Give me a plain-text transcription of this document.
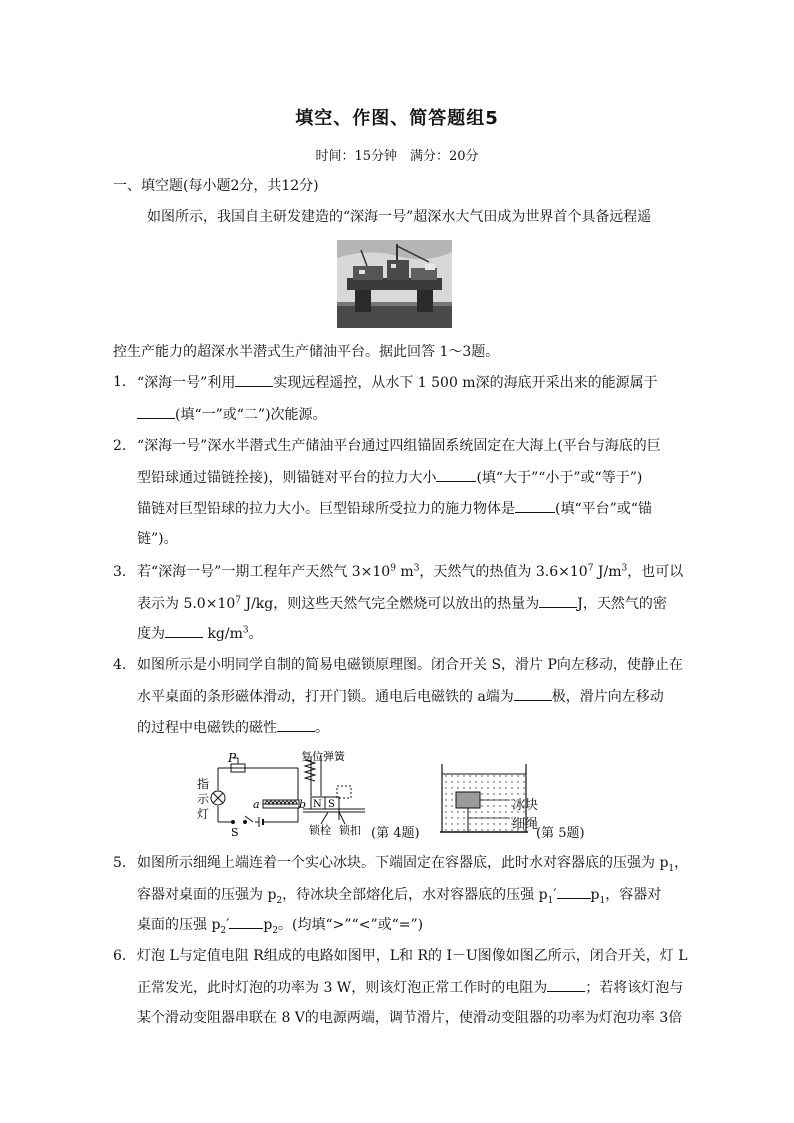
填空、作图、简答题组5
时间：15分钟　满分：20分
一、填空题(每小题2分，共12分)
如图所示，我国自主研发建造的“深海一号”超深水大气田成为世界首个具备远程遥
控生产能力的超深水半潜式生产储油平台。据此回答 1～3题。
1． “深海一号”利用	实现远程遥控，从水下 1 500 m深的海底开采出来的能源属于
(填“一”或“二”)次能源。
2． “深海一号”深水半潜式生产储油平台通过四组锚固系统固定在大海上(平台与海底的巨
型铅球通过锚链拴接)，则锚链对平台的拉力大小	(填“大于”“小于”或“等于”)
锚链对巨型铅球的拉力大小。巨型铅球所受拉力的施力物体是	(填“平台”或“锚
链”)。
3． 若“深海一号”一期工程年产天然气 $3\times 10^9$ $m^3$，天然气的热值为 $3.6\times 10^7$ $J/m^3$，也可以
表示为 $5.0\times 10^7$ J/kg，则这些天然气完全燃烧可以放出的热量为	J，天然气的密
度为	$kg/m^3$。
4． 如图所示是小明同学自制的简易电磁锁原理图。闭合开关 S，滑片 P向左移动，使静止在
水平桌面的条形磁体滑动，打开门锁。通电后电磁铁的 a端为	极，滑片向左移动
的过程中电磁铁的磁性	。
P
a	b N S
S
复位弹簧
锁栓 锁扣
指
示
灯
(第 4题)
冰块
细绳
(第 5题)
5． 如图所示细绳上端连着一个实心冰块。下端固定在容器底，此时水对容器底的压强为 $p_1$，
容器对桌面的压强为 $p_2$，待冰块全部熔化后，水对容器底的压强 $p_1'$ $p_1$，容器对
桌面的压强 $p_2'$ $p_2$。(均填“>”“<”或“=”)
6． 灯泡 L与定值电阻 R组成的电路如图甲，L和 R的 I－U图像如图乙所示，闭合开关，灯 L
正常发光，此时灯泡的功率为 3 W，则该灯泡正常工作时的电阻为	；若将该灯泡与
某个滑动变阻器串联在 8 V的电源两端，调节滑片，使滑动变阻器的功率为灯泡功率 3倍
